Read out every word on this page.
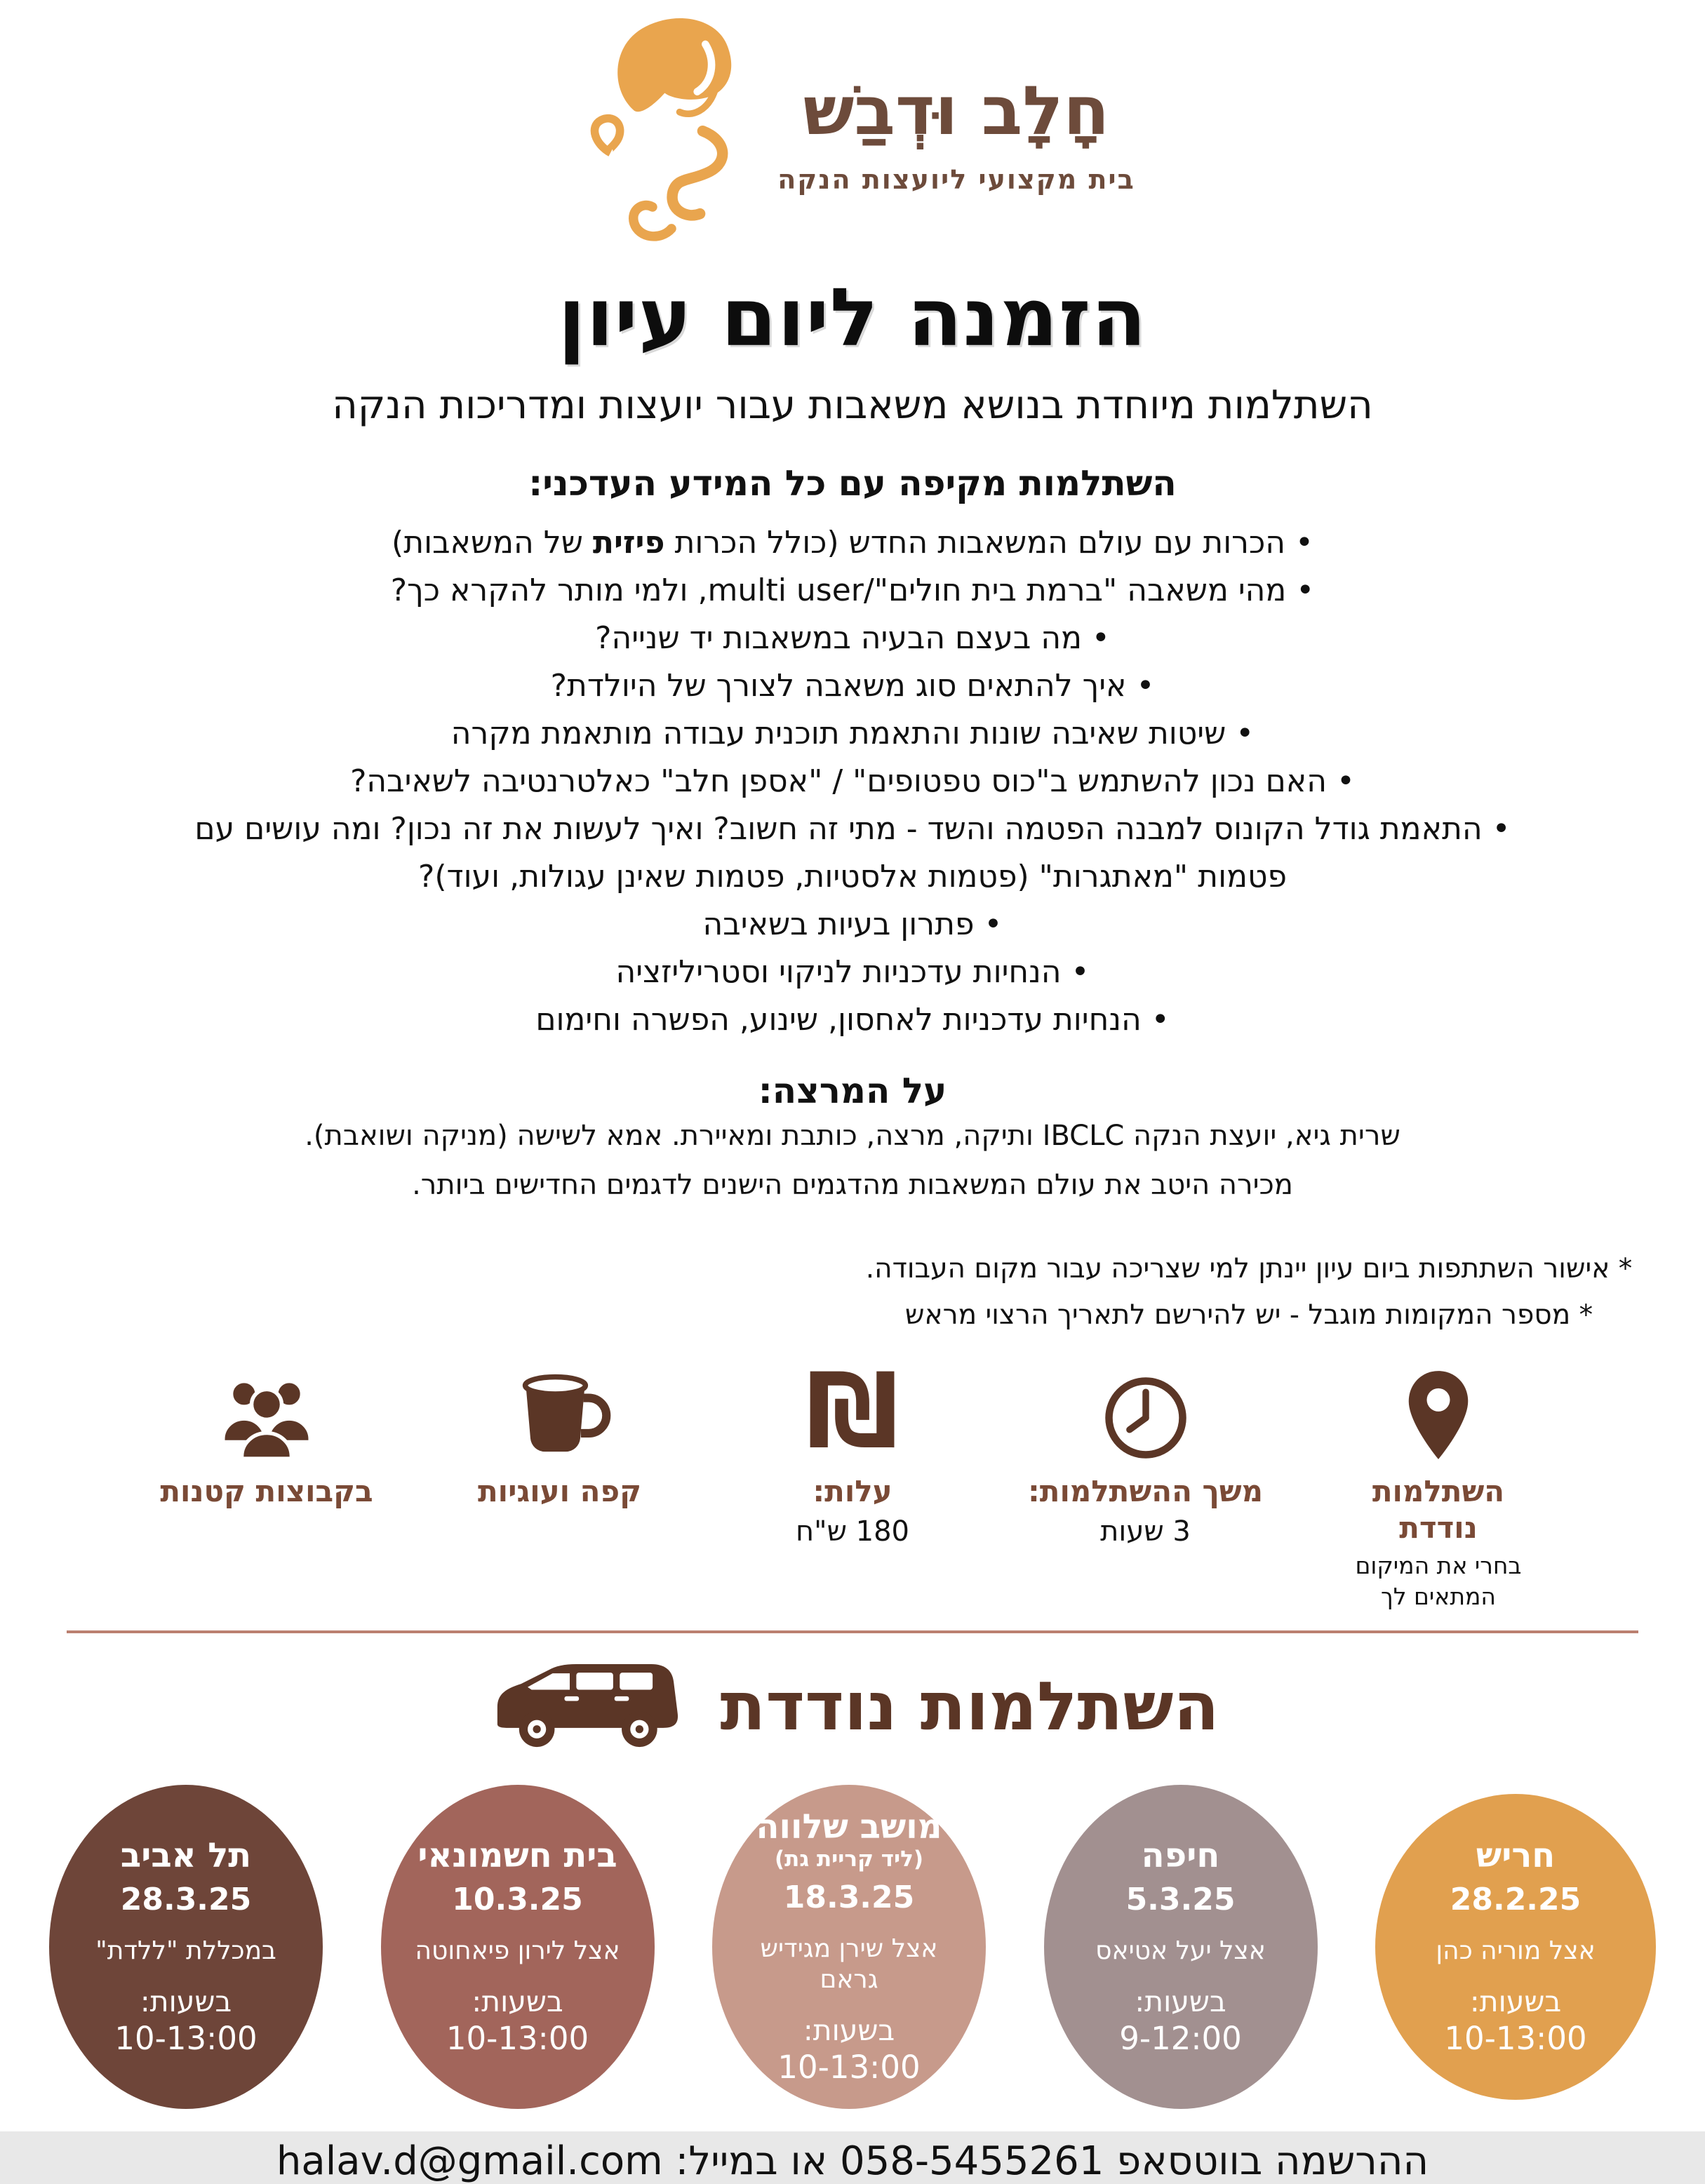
חָלָב וּדְבַשׁ
בית מקצועי ליועצות הנקה
הזמנה ליום עיון
השתלמות מיוחדת בנושא משאבות עבור יועצות ומדריכות הנקה
השתלמות מקיפה עם כל המידע העדכני:
• הכרות עם עולם המשאבות החדש (כולל הכרות פיזית של המשאבות)
• מהי משאבה "ברמת בית חולים"/multi user, ולמי מותר להקרא כך?
• מה בעצם הבעיה במשאבות יד שנייה?
• איך להתאים סוג משאבה לצורך של היולדת?
• שיטות שאיבה שונות והתאמת תוכנית עבודה מותאמת מקרה
• האם נכון להשתמש ב"כוס טפטופים" / "אספן חלב" כאלטרנטיבה לשאיבה?
• התאמת גודל הקונוס למבנה הפטמה והשד - מתי זה חשוב? ואיך לעשות את זה נכון? ומה עושים עם פטמות "מאתגרות" (פטמות אלסטיות, פטמות שאינן עגולות, ועוד)?
• פתרון בעיות בשאיבה
• הנחיות עדכניות לניקוי וסטריליזציה
• הנחיות עדכניות לאחסון, שינוע, הפשרה וחימום
על המרצה:
שרית גיא, יועצת הנקה IBCLC ותיקה, מרצה, כותבת ומאיירת. אמא לשישה (מניקה ושואבת).
מכירה היטב את עולם המשאבות מהדגמים הישנים לדגמים החדישים ביותר.
* אישור השתתפות ביום עיון יינתן למי שצריכה עבור מקום העבודה.
* מספר המקומות מוגבל - יש להירשם לתאריך הרצוי מראש
השתלמות נודדת
בחרי את המיקום המתאים לך
משך ההשתלמות:
3 שעות
₪
עלות:
180 ש"ח
קפה ועוגיות
בקבוצות קטנות
השתלמות נודדת
חריש
28.2.25
אצל מוריה כהן
בשעות:
10-13:00
חיפה
5.3.25
אצל יעל אטיאס
בשעות:
9-12:00
מושב שלווה
(ליד קריית גת)
18.3.25
אצל שירן מגידיש גראם
בשעות:
10-13:00
בית חשמונאי
10.3.25
אצל לירון פיאחוטה
בשעות:
10-13:00
תל אביב
28.3.25
במכללת "ללדת"
בשעות:
10-13:00
ההרשמה בווטסאפ 058-5455261 או במייל: halav.d@gmail.com
